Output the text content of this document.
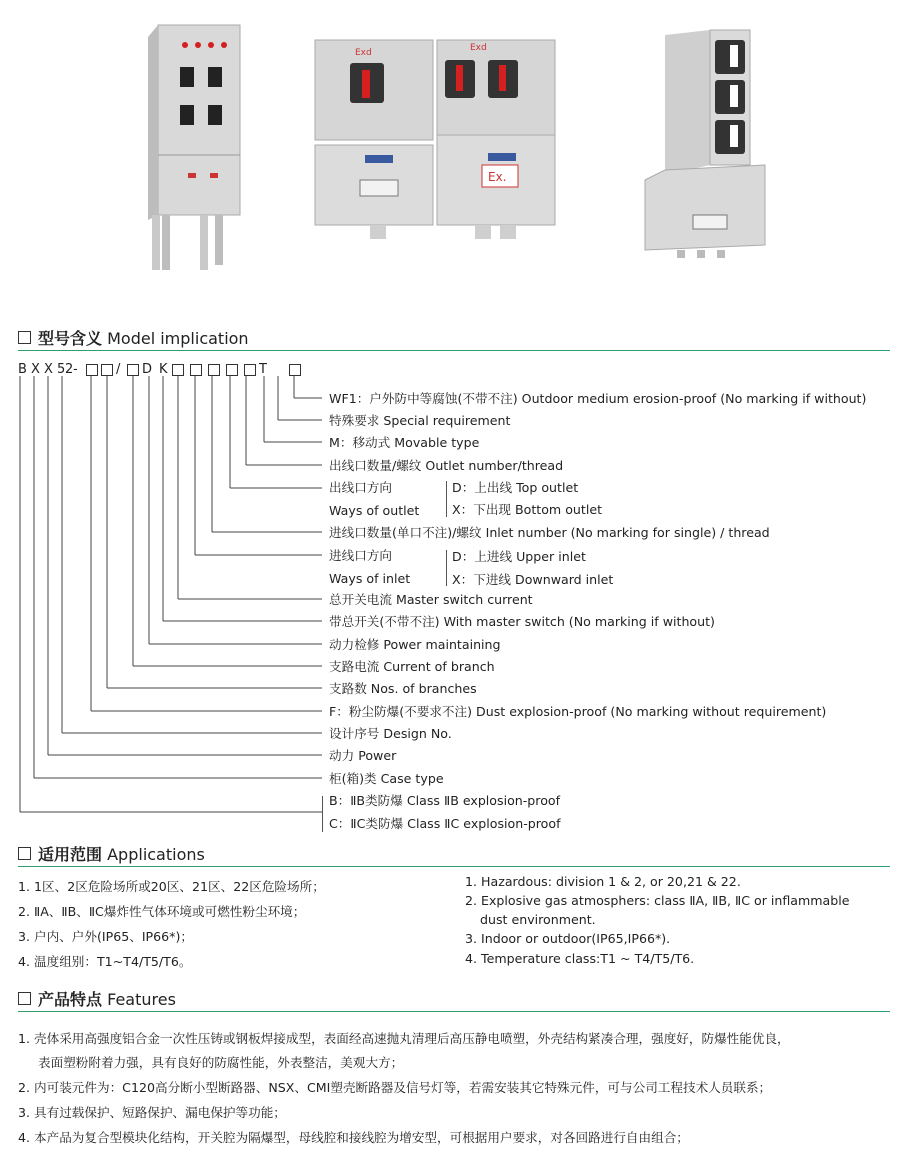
Exd	Exd
Ex.
型号含义 Model implication
B X X 5 2 -	/ D K	T
WF1：户外防中等腐蚀(不带不注) Outdoor medium erosion-proof (No marking if without)
特殊要求 Special requirement
M：移动式 Movable type
出线口数量/螺纹 Outlet number/thread
出线口方向
Ways of outlet
D：上出线 Top outlet
X：下出现 Bottom outlet
进线口数量(单口不注)/螺纹 Inlet number (No marking for single) / thread
进线口方向
Ways of inlet
D：上进线 Upper inlet
X：下进线 Downward inlet
总开关电流 Master switch current
带总开关(不带不注) With master switch (No marking if without)
动力检修 Power maintaining
支路电流 Current of branch
支路数 Nos. of branches
F：粉尘防爆(不要求不注) Dust explosion-proof (No marking without requirement)
设计序号 Design No.
动力 Power
柜(箱)类 Case type
B：ⅡB类防爆 Class ⅡB explosion-proof
C：ⅡC类防爆 Class ⅡC explosion-proof
适用范围 Applications
1. 1区、2区危险场所或20区、21区、22区危险场所；
2. ⅡA、ⅡB、ⅡC爆炸性气体环境或可燃性粉尘环境；
3. 户内、户外(IP65、IP66*)；
4. 温度组别：T1~T4/T5/T6。
1. Hazardous: division 1 & 2, or 20,21 & 22.
2. Explosive gas atmosphers: class ⅡA, ⅡB, ⅡC or inflammable
dust environment.
3. Indoor or outdoor(IP65,IP66*).
4. Temperature class:T1 ~ T4/T5/T6.
产品特点 Features
1. 壳体采用高强度铝合金一次性压铸或钢板焊接成型，表面经高速抛丸清理后高压静电喷塑，外壳结构紧凑合理，强度好，防爆性能优良，
表面塑粉附着力强，具有良好的防腐性能，外表整洁，美观大方；
2. 内可装元件为：C120高分断小型断路器、NSX、CMI塑壳断路器及信号灯等，若需安装其它特殊元件，可与公司工程技术人员联系；
3. 具有过载保护、短路保护、漏电保护等功能；
4. 本产品为复合型模块化结构，开关腔为隔爆型，母线腔和接线腔为增安型，可根据用户要求，对各回路进行自由组合；
